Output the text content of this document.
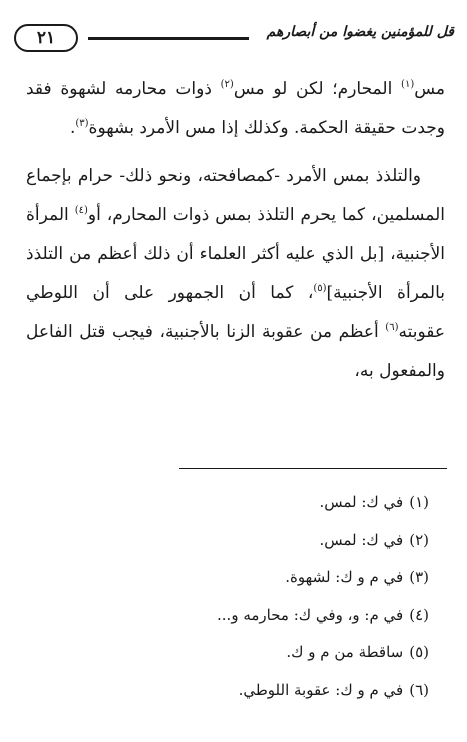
قل للمؤمنين يغضوا من أبصارهم
٢١

مس$^{(١)}$ المحارم؛ لكن لو مس$^{(٢)}$ ذوات محارمه لشهوة فقد وجدت حقيقة الحكمة. وكذلك إذا مس الأمرد بشهوة$^{(٣)}$.

والتلذذ بمس الأمرد -كمصافحته، ونحو ذلك- حرام بإجماع المسلمين، كما يحرم التلذذ بمس ذوات المحارم، أو$^{(٤)}$ المرأة الأجنبية، [بل الذي عليه أكثر العلماء أن ذلك أعظم من التلذذ بالمرأة الأجنبية]$^{(٥)}$، كما أن الجمهور على أن اللوطي عقوبته$^{(٦)}$ أعظم من عقوبة الزنا بالأجنبية، فيجب قتل الفاعل والمفعول به،

(١)في ك: لمس.
(٢)في ك: لمس.
(٣)في م و ك: لشهوة.
(٤)في م: و، وفي ك: محارمه و...
(٥)ساقطة من م و ك.
(٦)في م و ك: عقوبة اللوطي.
